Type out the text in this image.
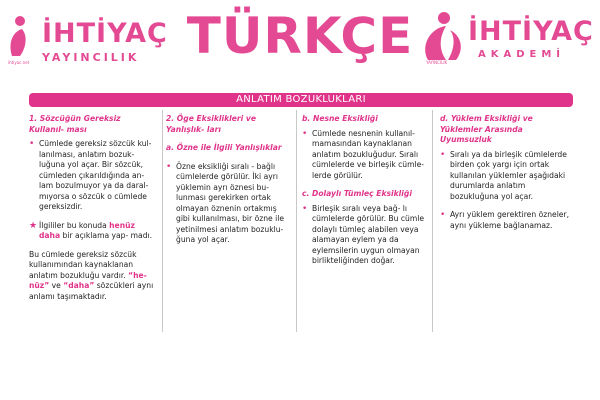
İHTİYAÇ
YAYINCILIK
ihtiyac.net	TÜRKÇE	İHTİYAÇ
AKADEMİ
YAYINCILIK
ANLATIM BOZUKLUKLARI

1. Sözcüğün Gereksiz Kullanıl- ması

• Cümlede gereksiz sözcük kul- lanılması, anlatım bozuk- luğuna yol açar. Bir sözcük, cümleden çıkarıldığında an- lam bozulmuyor ya da daral- mıyorsa o sözcük o cümlede gereksizdir.

★ İlgililer bu konuda henüz daha bir açıklama yap- madı.

Bu cümlede gereksiz sözcük kullanımından kaynaklanan anlatım bozukluğu vardır. “he- nüz” ve “daha” sözcükleri aynı anlamı taşımaktadır.

2. Öge Eksiklikleri ve Yanlışlık- ları

a. Özne ile İlgili Yanlışlıklar

• Özne eksikliği sıralı - bağlı cümlelerde görülür. İki ayrı yüklemin ayrı öznesi bu- lunması gerekirken ortak olmayan öznenin ortakmış gibi kullanılması, bir özne ile yetinilmesi anlatım bozuklu- ğuna yol açar.

b. Nesne Eksikliği

• Cümlede nesnenin kullanıl- mamasından kaynaklanan anlatım bozukluğudur. Sıralı cümlelerde ve birleşik cümle- lerde görülür.

c. Dolaylı Tümleç Eksikliği

• Birleşik sıralı veya bağ- lı cümlelerde görülür. Bu cümle dolaylı tümleç alabilen veya alamayan eylem ya da eylemsilerin uygun olmayan birlikteliğinden doğar.

d. Yüklem Eksikliği ve Yüklemler Arasında Uyumsuzluk

• Sıralı ya da birleşik cümlelerde birden çok yargı için ortak kullanılan yüklemler aşağıdaki durumlarda anlatım bozukluğuna yol açar.

• Ayrı yüklem gerektiren özneler, aynı yükleme bağlanamaz.
